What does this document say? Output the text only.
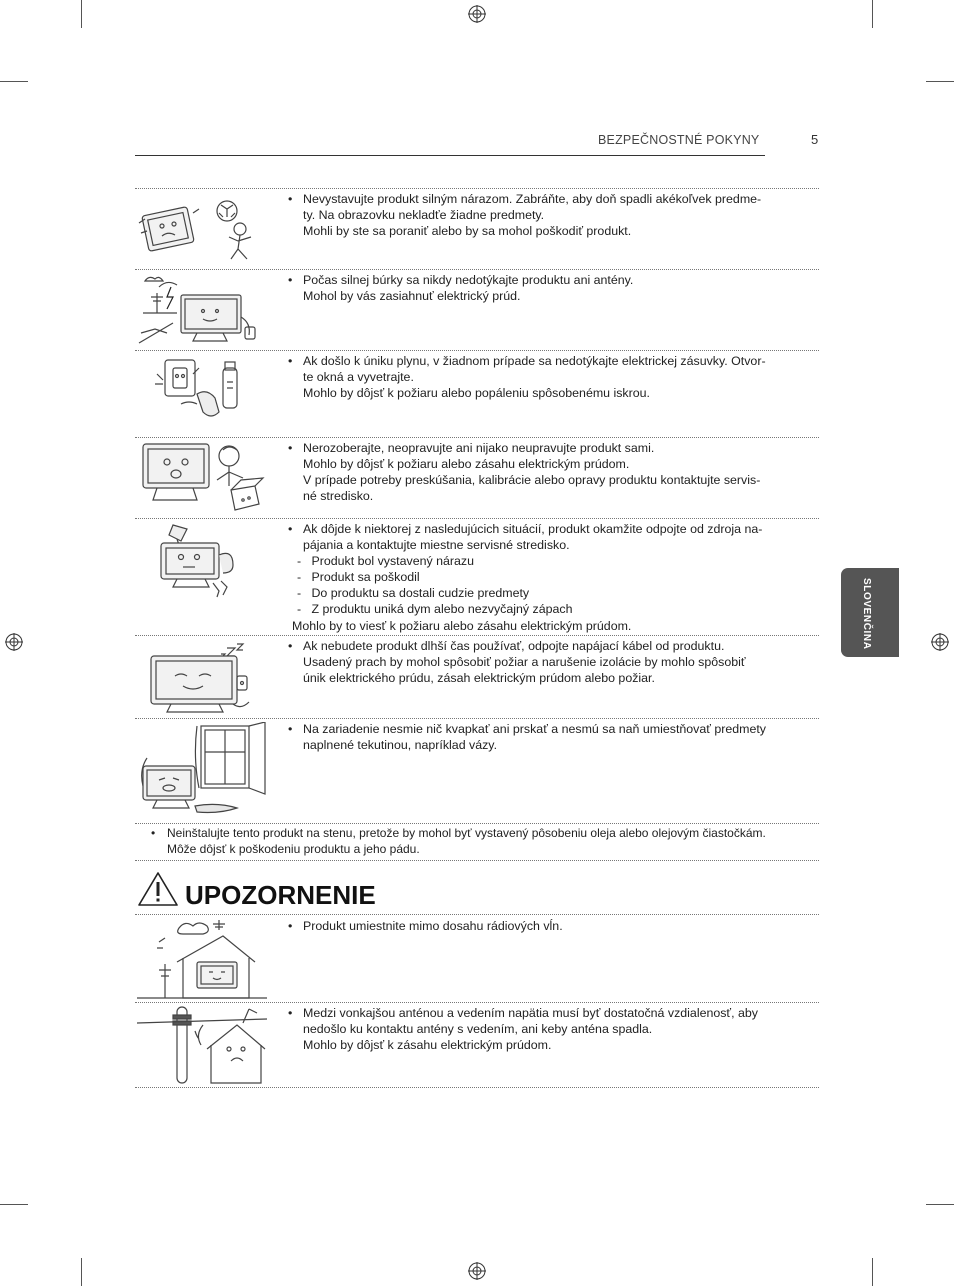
BEZPEČNOSTNÉ POKYNY	5
SLOVENČINA
• Nevystavujte produkt silným nárazom. Zabráňte, aby doň spadli akékoľvek predme-
ty. Na obrazovku nekladťe žiadne predmety.
Mohli by ste sa poraniť alebo by sa mohol poškodiť produkt.
• Počas silnej búrky sa nikdy nedotýkajte produktu ani antény.
Mohol by vás zasiahnuť elektrický prúd.
• Ak došlo k úniku plynu, v žiadnom prípade sa nedotýkajte elektrickej zásuvky. Otvor-
te okná a vyvetrajte.
Mohlo by dôjsť k požiaru alebo popáleniu spôsobenému iskrou.
• Nerozoberajte, neopravujte ani nijako neupravujte produkt sami.
Mohlo by dôjsť k požiaru alebo zásahu elektrickým prúdom.
V prípade potreby preskúšania, kalibrácie alebo opravy produktu kontaktujte servis-
né stredisko.
• Ak dôjde k niektorej z nasledujúcich situácií, produkt okamžite odpojte od zdroja na-
pájania a kontaktujte miestne servisné stredisko.
-   Produkt bol vystavený nárazu
-   Produkt sa poškodil
-   Do produktu sa dostali cudzie predmety
-   Z produktu uniká dym alebo nezvyčajný zápach
Mohlo by to viesť k požiaru alebo zásahu elektrickým prúdom.
• Ak nebudete produkt dlhší čas používať, odpojte napájací kábel od produktu.
Usadený prach by mohol spôsobiť požiar a narušenie izolácie by mohlo spôsobiť
únik elektrického prúdu, zásah elektrickým prúdom alebo požiar.
• Na zariadenie nesmie nič kvapkať ani prskať a nesmú sa naň umiestňovať predmety
naplnené tekutinou, napríklad vázy.
• Neinštalujte tento produkt na stenu, pretože by mohol byť vystavený pôsobeniu oleja alebo olejovým čiastočkám.
Môže dôjsť k poškodeniu produktu a jeho pádu.
UPOZORNENIE
• Produkt umiestnite mimo dosahu rádiových vĺn.
• Medzi vonkajšou anténou a vedením napätia musí byť dostatočná vzdialenosť, aby
nedošlo ku kontaktu antény s vedením, ani keby anténa spadla.
Mohlo by dôjsť k zásahu elektrickým prúdom.
